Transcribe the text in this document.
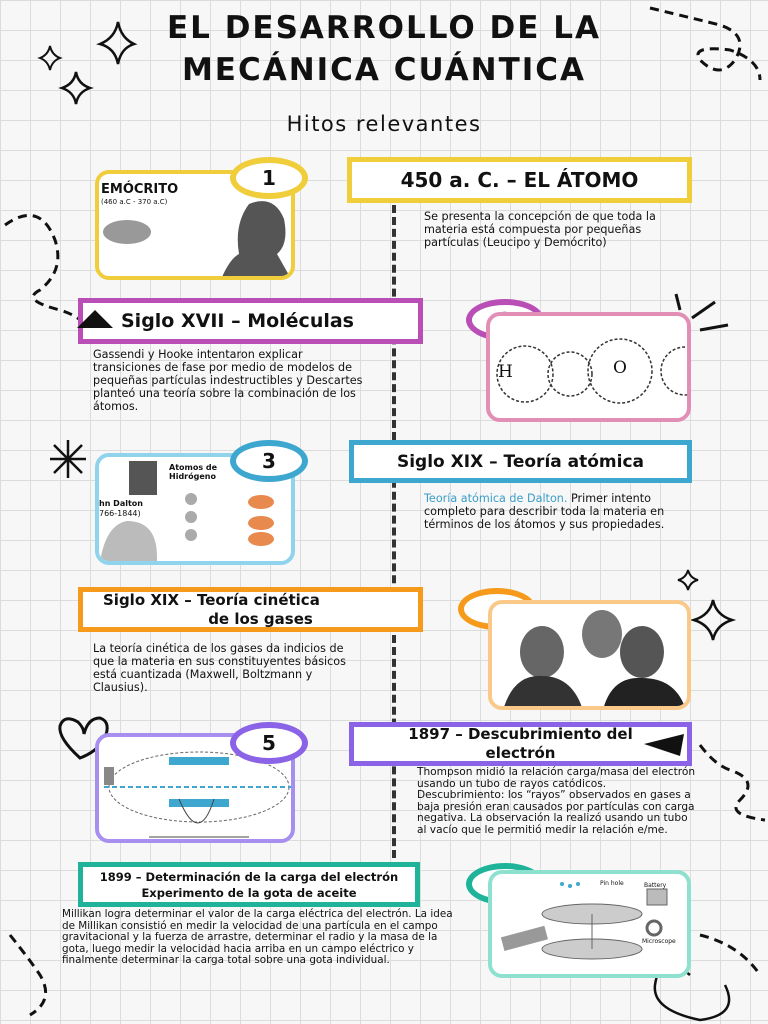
EL DESARROLLO DE LA
MECÁNICA CUÁNTICA
Hitos relevantes
EMÓCRITO
(460 a.C - 370 a.C)
1	450 a. C. – EL ÁTOMO
Se presenta la concepción de que toda la materia está compuesta por pequeñas partículas (Leucipo y Demócrito)
Siglo XVII – Moléculas
H	O
Gassendi y Hooke intentaron explicar transiciones de fase por medio de modelos de pequeñas partículas indestructibles y Descartes planteó una teoría sobre la combinación de los átomos.
hn Dalton
766-1844)
Atomos de
Hidrógeno
3	Siglo XIX – Teoría atómica
Teoría atómica de Dalton. Primer intento completo para describir toda la materia en términos de los átomos y sus propiedades.
Siglo XIX – Teoría cinética
de los gases
La teoría cinética de los gases da indicios de que la materia en sus constituyentes básicos está cuantizada (Maxwell, Boltzmann y Clausius).
5	1897 – Descubrimiento del
electrón
Thompson midió la relación carga/masa del electrón usando un tubo de rayos catódicos.
Descubrimiento: los “rayos” observados en gases a baja presión eran causados por partículas con carga negativa. La observación la realizó usando un tubo al vacío que le permitió medir la relación e/me.
1899 – Determinación de la carga del electrón
Experimento de la gota de aceite
Pin hole	Battery
Microscope
Millikan logra determinar el valor de la carga eléctrica del electrón. La idea de Millikan consistió en medir la velocidad de una partícula en el campo gravitacional y la fuerza de arrastre, determinar el radio y la masa de la gota, luego medir la velocidad hacia arriba en un campo eléctrico y finalmente determinar la carga total sobre una gota individual.
